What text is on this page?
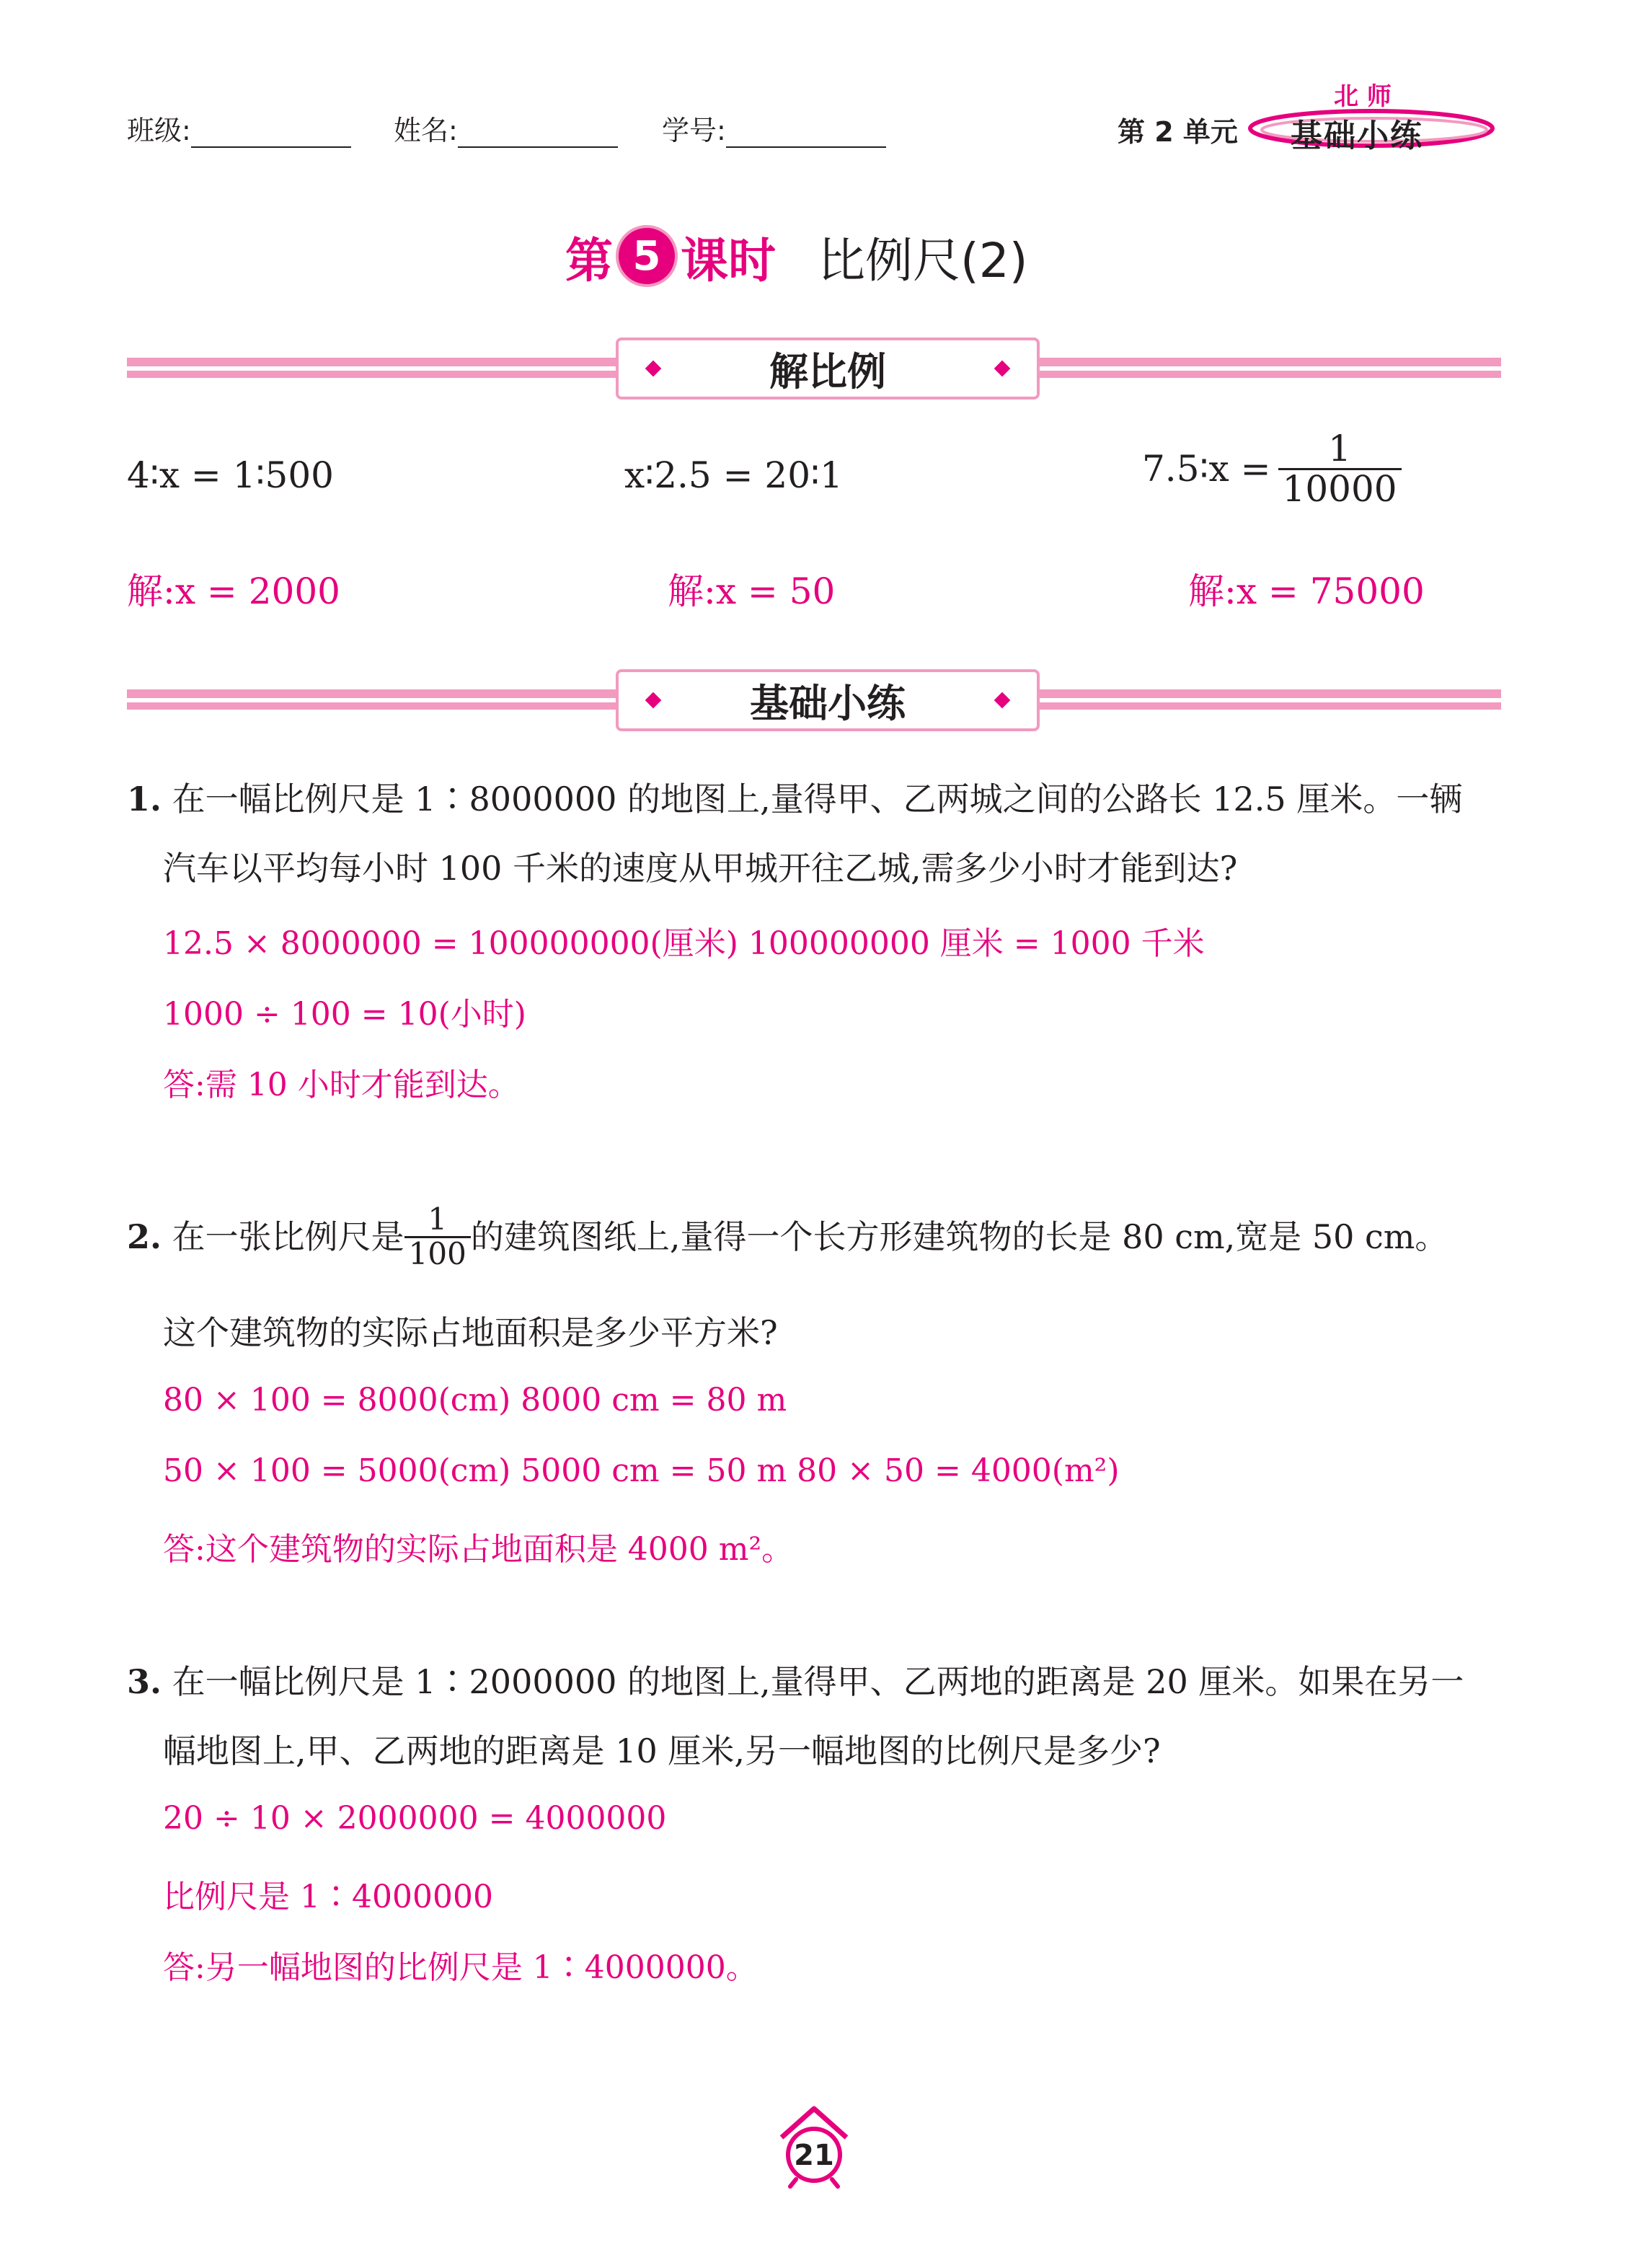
班级:	姓名:	学号:	第 2 单元
北 师
基础小练
第 5 课时 比例尺(2)
解比例
4∶x = 1∶500	x∶2.5 = 20∶1	7.5∶x = $\frac{1}{10000}$
解:x = 2000	解:x = 50	解:x = 75000
基础小练
1. 在一幅比例尺是 1∶8000000 的地图上,量得甲、乙两城之间的公路长 12.5 厘米。一辆
汽车以平均每小时 100 千米的速度从甲城开往乙城,需多少小时才能到达?
12.5 × 8000000 = 100000000(厘米) 100000000 厘米 = 1000 千米
1000 ÷ 100 = 10(小时)
答:需 10 小时才能到达。
2.
在一张比例尺是 $\frac{1}{100}$ 的建筑图纸上,量得一个长方形建筑物的长是 80 cm,宽是 50 cm。
这个建筑物的实际占地面积是多少平方米?
80 × 100 = 8000(cm) 8000 cm = 80 m
50 × 100 = 5000(cm) 5000 cm = 50 m 80 × 50 = 4000(m²)
答:这个建筑物的实际占地面积是 4000 m²。
3. 在一幅比例尺是 1∶2000000 的地图上,量得甲、乙两地的距离是 20 厘米。如果在另一
幅地图上,甲、乙两地的距离是 10 厘米,另一幅地图的比例尺是多少?
20 ÷ 10 × 2000000 = 4000000
比例尺是 1∶4000000
答:另一幅地图的比例尺是 1∶4000000。
21
